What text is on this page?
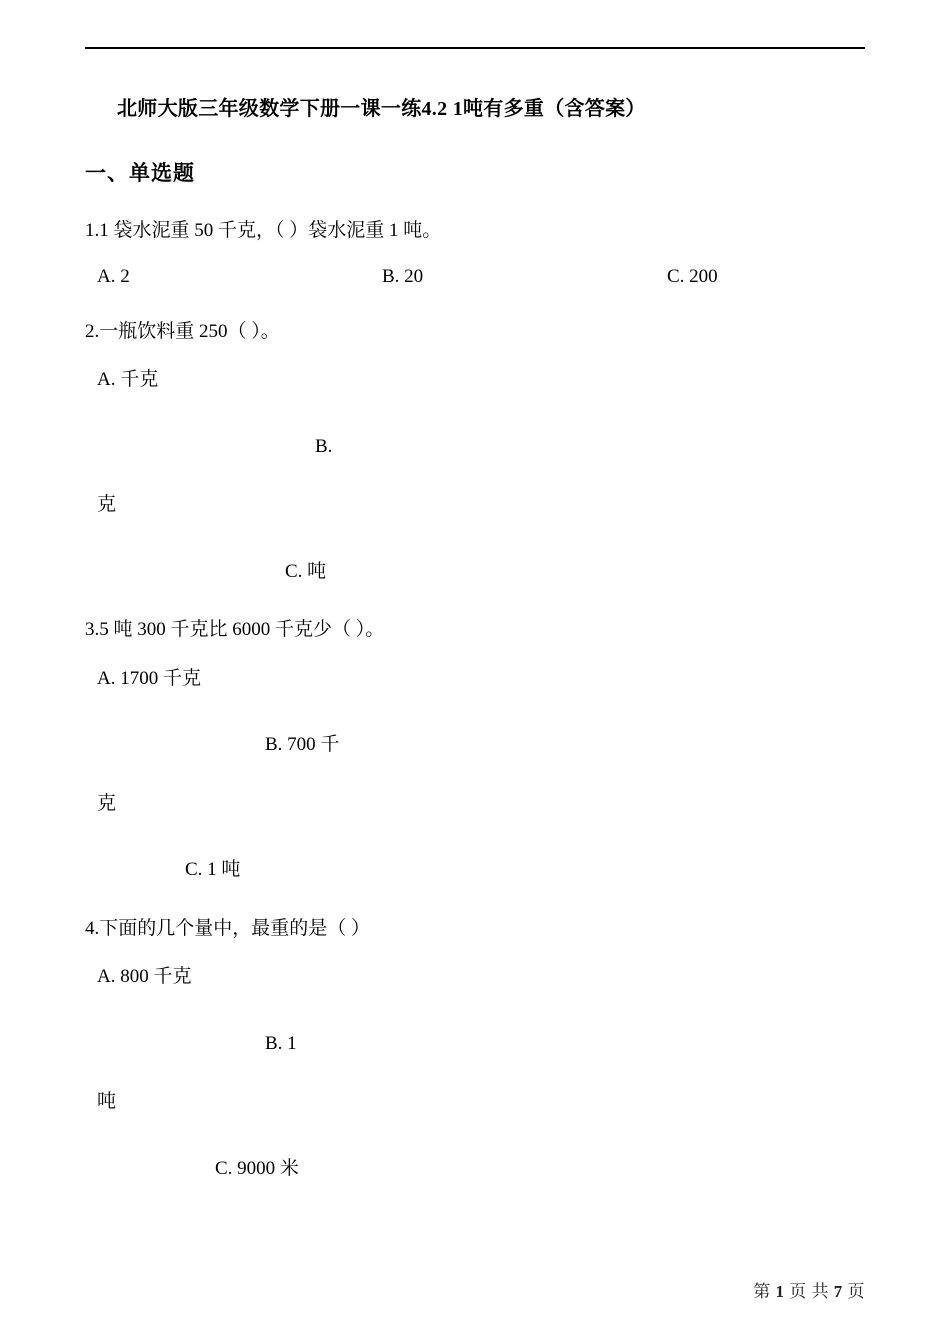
北师大版三年级数学下册一课一练4.2 1吨有多重（含答案）
一、单选题
1.1 袋水泥重 50 千克，（ ）袋水泥重 1 吨。
A. 2	B. 20	C. 200
2.一瓶饮料重 250（ ）。
A. 千克
B.
克
C. 吨
3.5 吨 300 千克比 6000 千克少（ ）。
A. 1700 千克
B. 700 千
克
C. 1 吨
4.下面的几个量中，最重的是（ ）
A. 800 千克
B. 1
吨
C. 9000 米
第 1 页 共 7 页
